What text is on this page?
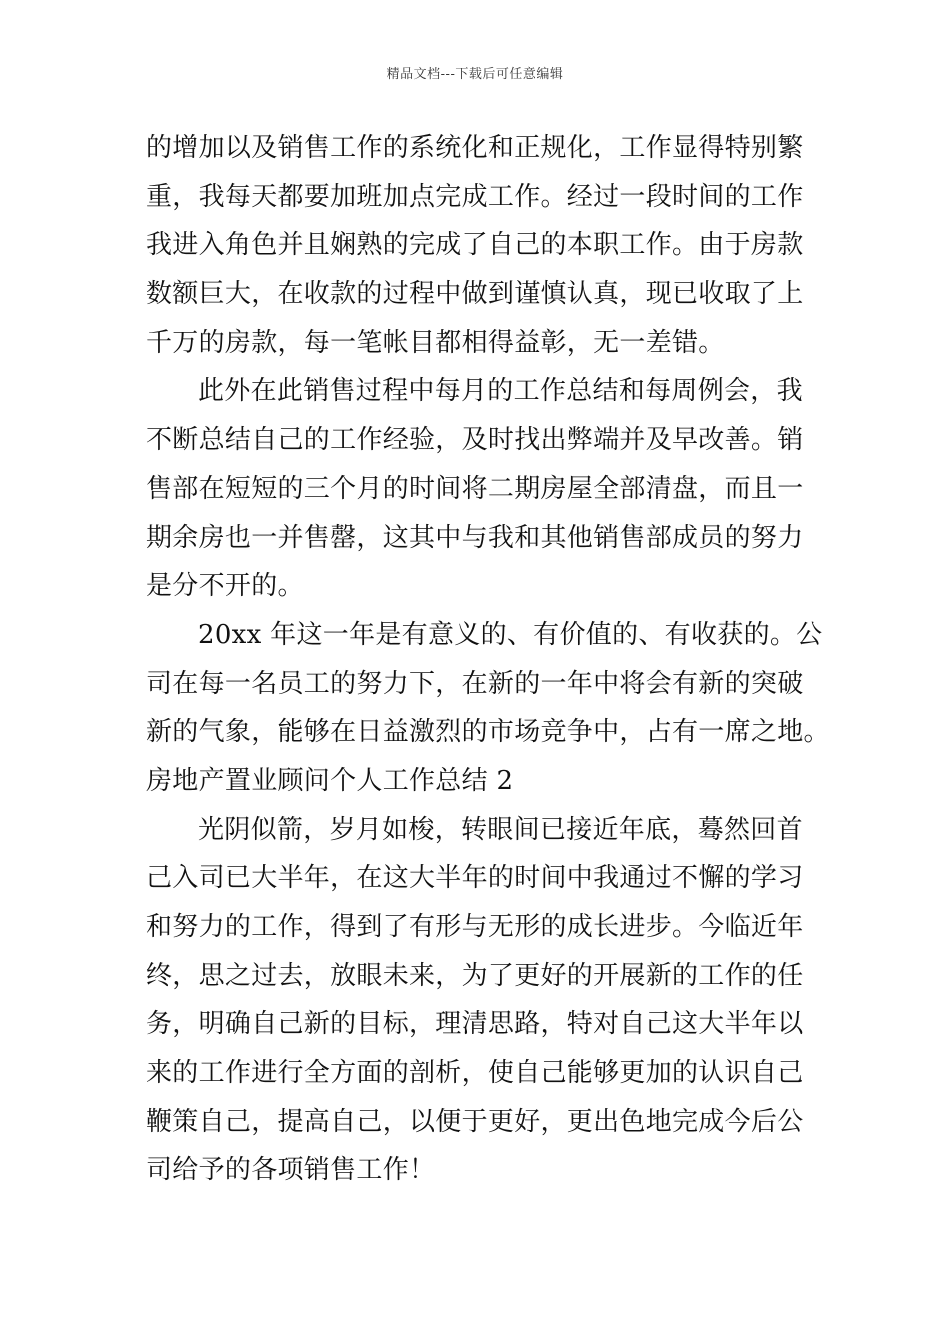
精品文档---下载后可任意编辑
的增加以及销售工作的系统化和正规化，工作显得特别繁
重，我每天都要加班加点完成工作。经过一段时间的工作
我进入角色并且娴熟的完成了自己的本职工作。由于房款
数额巨大，在收款的过程中做到谨慎认真，现已收取了上
千万的房款，每一笔帐目都相得益彰，无一差错。
此外在此销售过程中每月的工作总结和每周例会，我
不断总结自己的工作经验，及时找出弊端并及早改善。销
售部在短短的三个月的时间将二期房屋全部清盘，而且一
期余房也一并售罄，这其中与我和其他销售部成员的努力
是分不开的。
20xx 年这一年是有意义的、有价值的、有收获的。公
司在每一名员工的努力下，在新的一年中将会有新的突破
新的气象，能够在日益激烈的市场竞争中，占有一席之地。
房地产置业顾问个人工作总结 2
光阴似箭，岁月如梭，转眼间已接近年底，蓦然回首
己入司已大半年，在这大半年的时间中我通过不懈的学习
和努力的工作，得到了有形与无形的成长进步。今临近年
终，思之过去，放眼未来，为了更好的开展新的工作的任
务，明确自己新的目标，理清思路，特对自己这大半年以
来的工作进行全方面的剖析，使自己能够更加的认识自己
鞭策自己，提高自己，以便于更好，更出色地完成今后公
司给予的各项销售工作！
